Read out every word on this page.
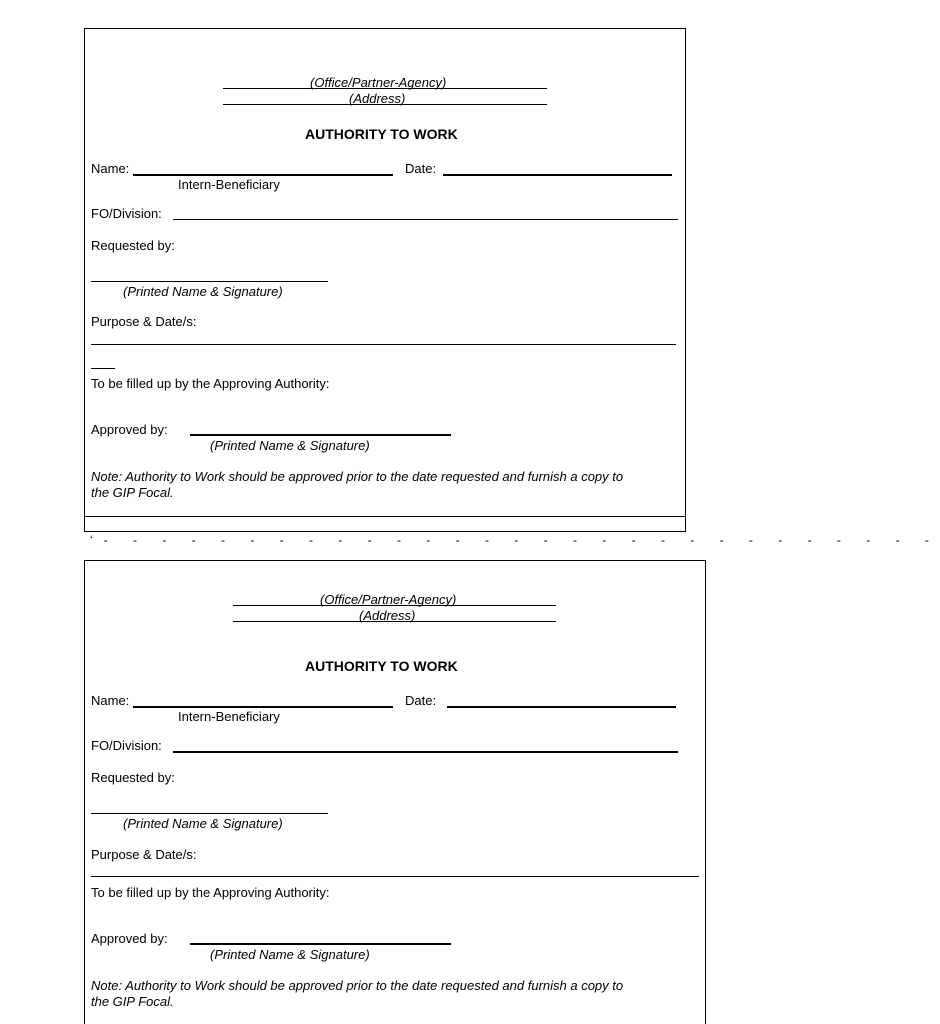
(Office/Partner-Agency)
(Address)
AUTHORITY TO WORK
Name:	Date:
Intern-Beneficiary
FO/Division:
Requested by:
(Printed Name & Signature)
Purpose & Date/s:
To be filled up by the Approving Authority:
Approved by:
(Printed Name & Signature)
Note: Authority to Work should be approved prior to the date requested and furnish a copy to
the GIP Focal.
‘- - - - - - - - - - - - - - - - - - - - - - - - - - - - -
(Office/Partner-Agency)
(Address)
AUTHORITY TO WORK
Name:	Date:
Intern-Beneficiary
FO/Division:
Requested by:
(Printed Name & Signature)
Purpose & Date/s:
To be filled up by the Approving Authority:
Approved by:
(Printed Name & Signature)
Note: Authority to Work should be approved prior to the date requested and furnish a copy to
the GIP Focal.
